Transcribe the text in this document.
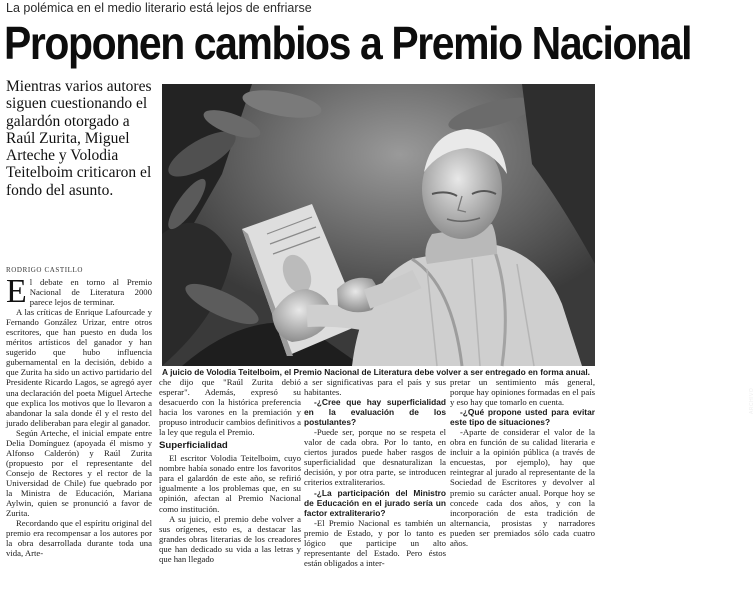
La polémica en el medio literario está lejos de enfriarse
Proponen cambios a Premio Nacional
Mientras varios autores siguen cuestionando el galardón otorgado a Raúl Zurita, Miguel Arteche y Volodia Teitelboim criticaron el fondo del asunto.
ARCHIVO
A juicio de Volodia Teitelboim, el Premio Nacional de Literatura debe volver a ser entregado en forma anual.
RODRIGO CASTILLO

El debate en torno al Premio Nacional de Literatura 2000 parece lejos de terminar.

A las críticas de Enrique Lafourcade y Fernando González Urizar, entre otros escritores, que han puesto en duda los méritos artísticos del ganador y han sugerido que hubo influencia gubernamental en la decisión, debido a que Zurita ha sido un activo partidario del Presidente Ricardo Lagos, se agregó ayer una declaración del poeta Miguel Arteche que explica los motivos que lo llevaron a abandonar la sala donde él y el resto del jurado deliberaban para elegir al ganador.

Según Arteche, el inicial empate entre Delia Domínguez (apoyada él mismo y Alfonso Calderón) y Raúl Zurita (propuesto por el representante del Consejo de Rectores y el rector de la Universidad de Chile) fue quebrado por la Ministra de Educación, Mariana Aylwin, quien se pronunció a favor de Zurita.

Recordando que el espíritu original del premio era recompensar a los autores por la obra desarrollada durante toda una vida, Arte-

che dijo que "Raúl Zurita debió esperar". Además, expresó su desacuerdo con la histórica preferencia hacia los varones en la premiación y propuso introducir cambios definitivos a la ley que regula el Premio.

Superficialidad

El escritor Volodia Teitelboim, cuyo nombre había sonado entre los favoritos para el galardón de este año, se refirió igualmente a los problemas que, en su opinión, afectan al Premio Nacional como institución.

A su juicio, el premio debe volver a sus orígenes, esto es, a destacar las grandes obras literarias de los creadores que han dedicado su vida a las letras y que han llegado

a ser significativas para el país y sus habitantes.

-¿Cree que hay superficialidad en la evaluación de los postulantes?

-Puede ser, porque no se respeta el valor de cada obra. Por lo tanto, en ciertos jurados puede haber rasgos de superficialidad que desnaturalizan la decisión, y por otra parte, se introducen criterios extraliterarios.

-¿La participación del Ministro de Educación en el jurado sería un factor extraliterario?

-El Premio Nacional es también un premio de Estado, y por lo tanto es lógico que participe un alto representante del Estado. Pero éstos están obligados a inter-

pretar un sentimiento más general, porque hay opiniones formadas en el país y eso hay que tomarlo en cuenta.

-¿Qué propone usted para evitar este tipo de situaciones?

-Aparte de considerar el valor de la obra en función de su calidad literaria e incluir a la opinión pública (a través de encuestas, por ejemplo), hay que reintegrar al jurado al representante de la Sociedad de Escritores y devolver al premio su carácter anual. Porque hoy se concede cada dos años, y con la incorporación de esta tradición de alternancia, prosistas y narradores pueden ser premiados sólo cada cuatro años.
